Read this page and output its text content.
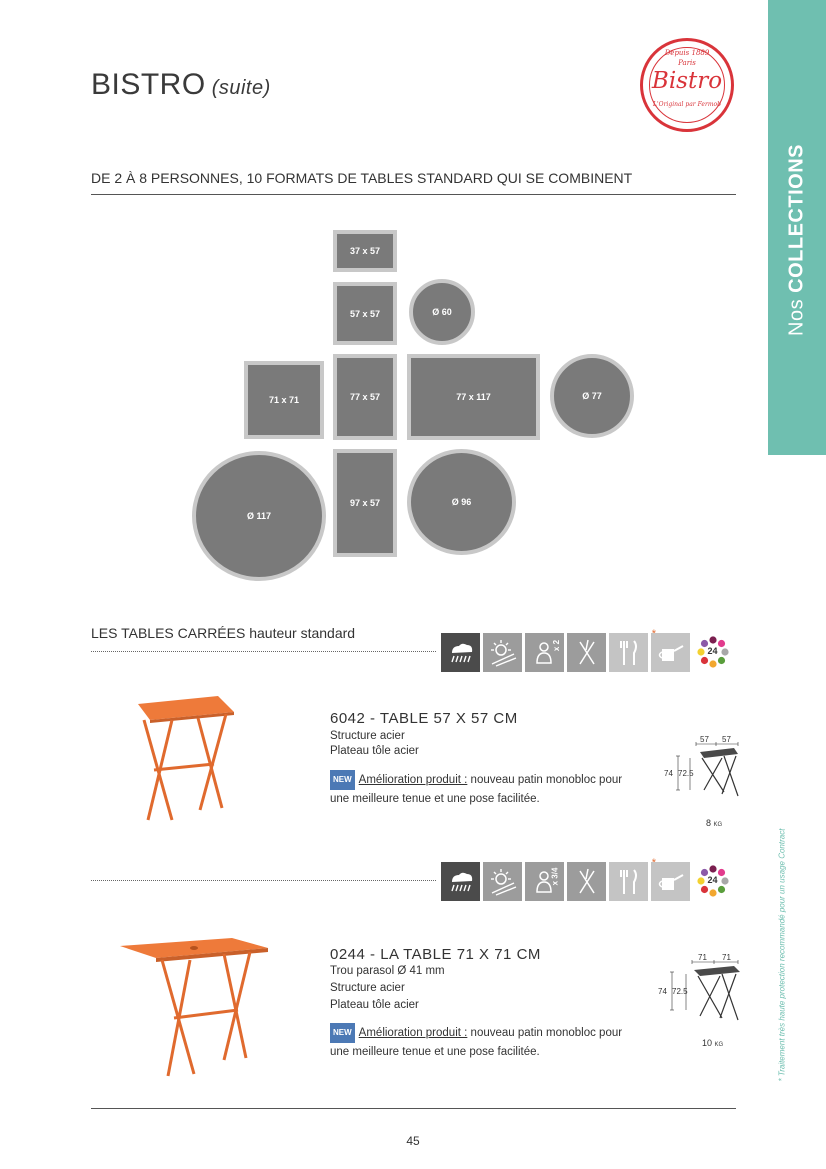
BISTRO (suite)
Depuis 1889
Paris
Bistro
L'Original par Fermob
Nos COLLECTIONS
DE 2 À 8 PERSONNES, 10 FORMATS DE TABLES STANDARD QUI SE COMBINENT
37 x 57
57 x 57	Ø 60
71 x 71	77 x 57	77 x 117	Ø 77
Ø 117
97 x 57	Ø 96
LES TABLES CARRÉES hauteur standard
x 2	24
6042 - TABLE 57 X 57 CM
Structure acier
Plateau tôle acier
NEW Amélioration produit : nouveau patin monobloc pour une meilleure tenue et une pose facilitée.
57 57
74 72.5
8 KG
x 3/4	24
0244 - LA TABLE 71 X 71 CM
Trou parasol Ø 41 mm
Structure acier
Plateau tôle acier
NEW Amélioration produit : nouveau patin monobloc pour une meilleure tenue et une pose facilitée.
71 71
74 72.5
10 KG	* Traitement très haute protection recommandé pour un usage Contract
45
